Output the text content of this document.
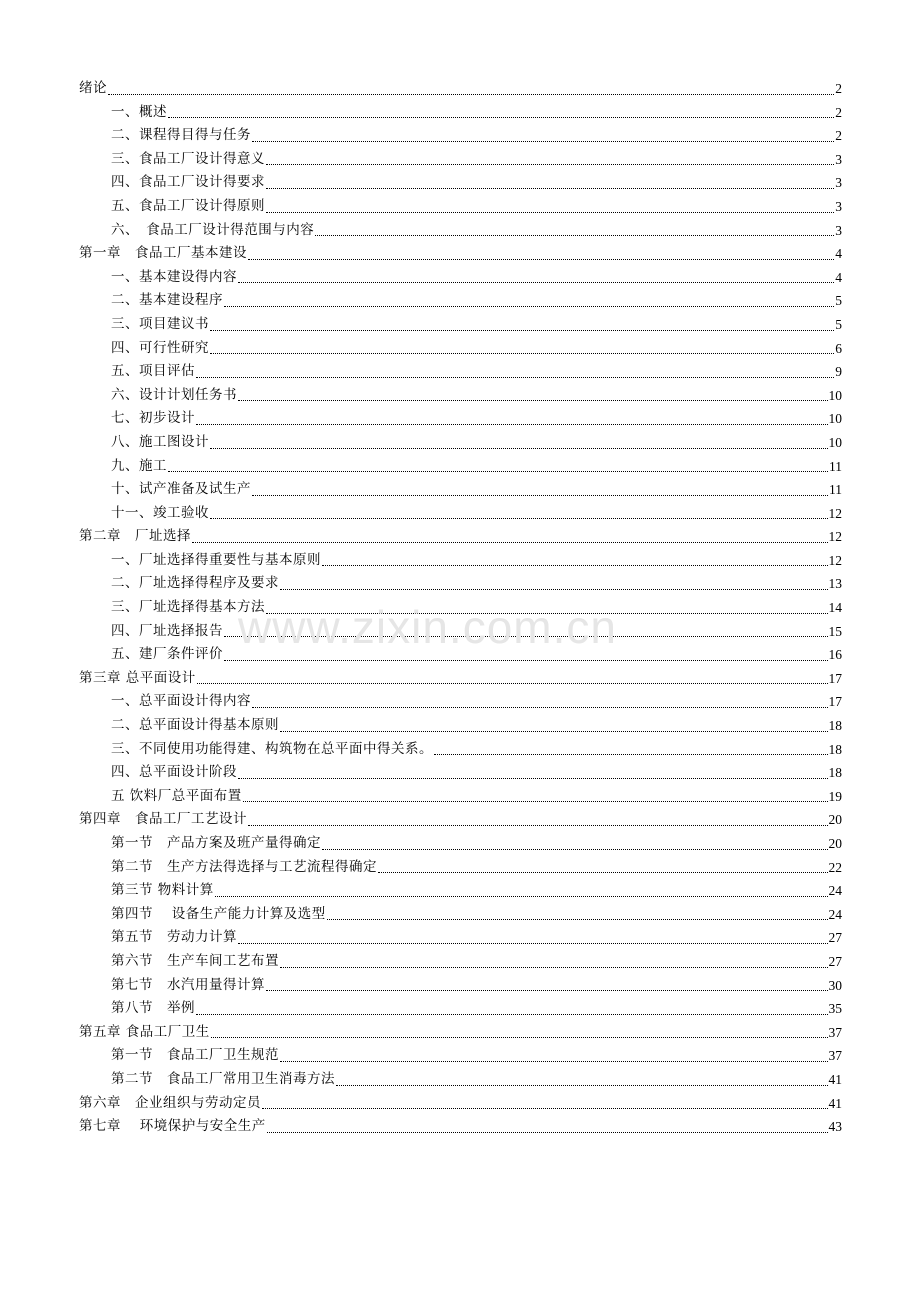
绪论	2
一、概述	2
二、课程得目得与任务	2
三、食品工厂设计得意义	3
四、食品工厂设计得要求	3
五、食品工厂设计得原则	3
六、　食品工厂设计得范围与内容	3
第一章　食品工厂基本建设	4
一、基本建设得内容	4
二、基本建设程序	5
三、项目建议书	5
四、可行性研究	6
五、项目评估	9
六、设计计划任务书	10
七、初步设计	10
八、施工图设计	10
九、施工	11
十、试产准备及试生产	11
十一、竣工验收	12
第二章　厂址选择	12
一、厂址选择得重要性与基本原则	12
二、厂址选择得程序及要求	13
三、厂址选择得基本方法	14
四、厂址选择报告	15
五、建厂条件评价	16
第三章 总平面设计	17
一、总平面设计得内容	17
二、总平面设计得基本原则	18
三、不同使用功能得建、构筑物在总平面中得关系。	18
四、总平面设计阶段	18
五 饮料厂总平面布置	19
第四章　食品工厂工艺设计	20
第一节　产品方案及班产量得确定	20
第二节　生产方法得选择与工艺流程得确定	22
第三节 物料计算	24
第四节　 设备生产能力计算及选型	24
第五节　劳动力计算	27
第六节　生产车间工艺布置	27
第七节　水汽用量得计算	30
第八节　举例	35
第五章 食品工厂卫生	37
第一节　食品工厂卫生规范	37
第二节　食品工厂常用卫生消毒方法	41
第六章　企业组织与劳动定员	41
第七章　 环境保护与安全生产	43
www.zixin.com.cn
